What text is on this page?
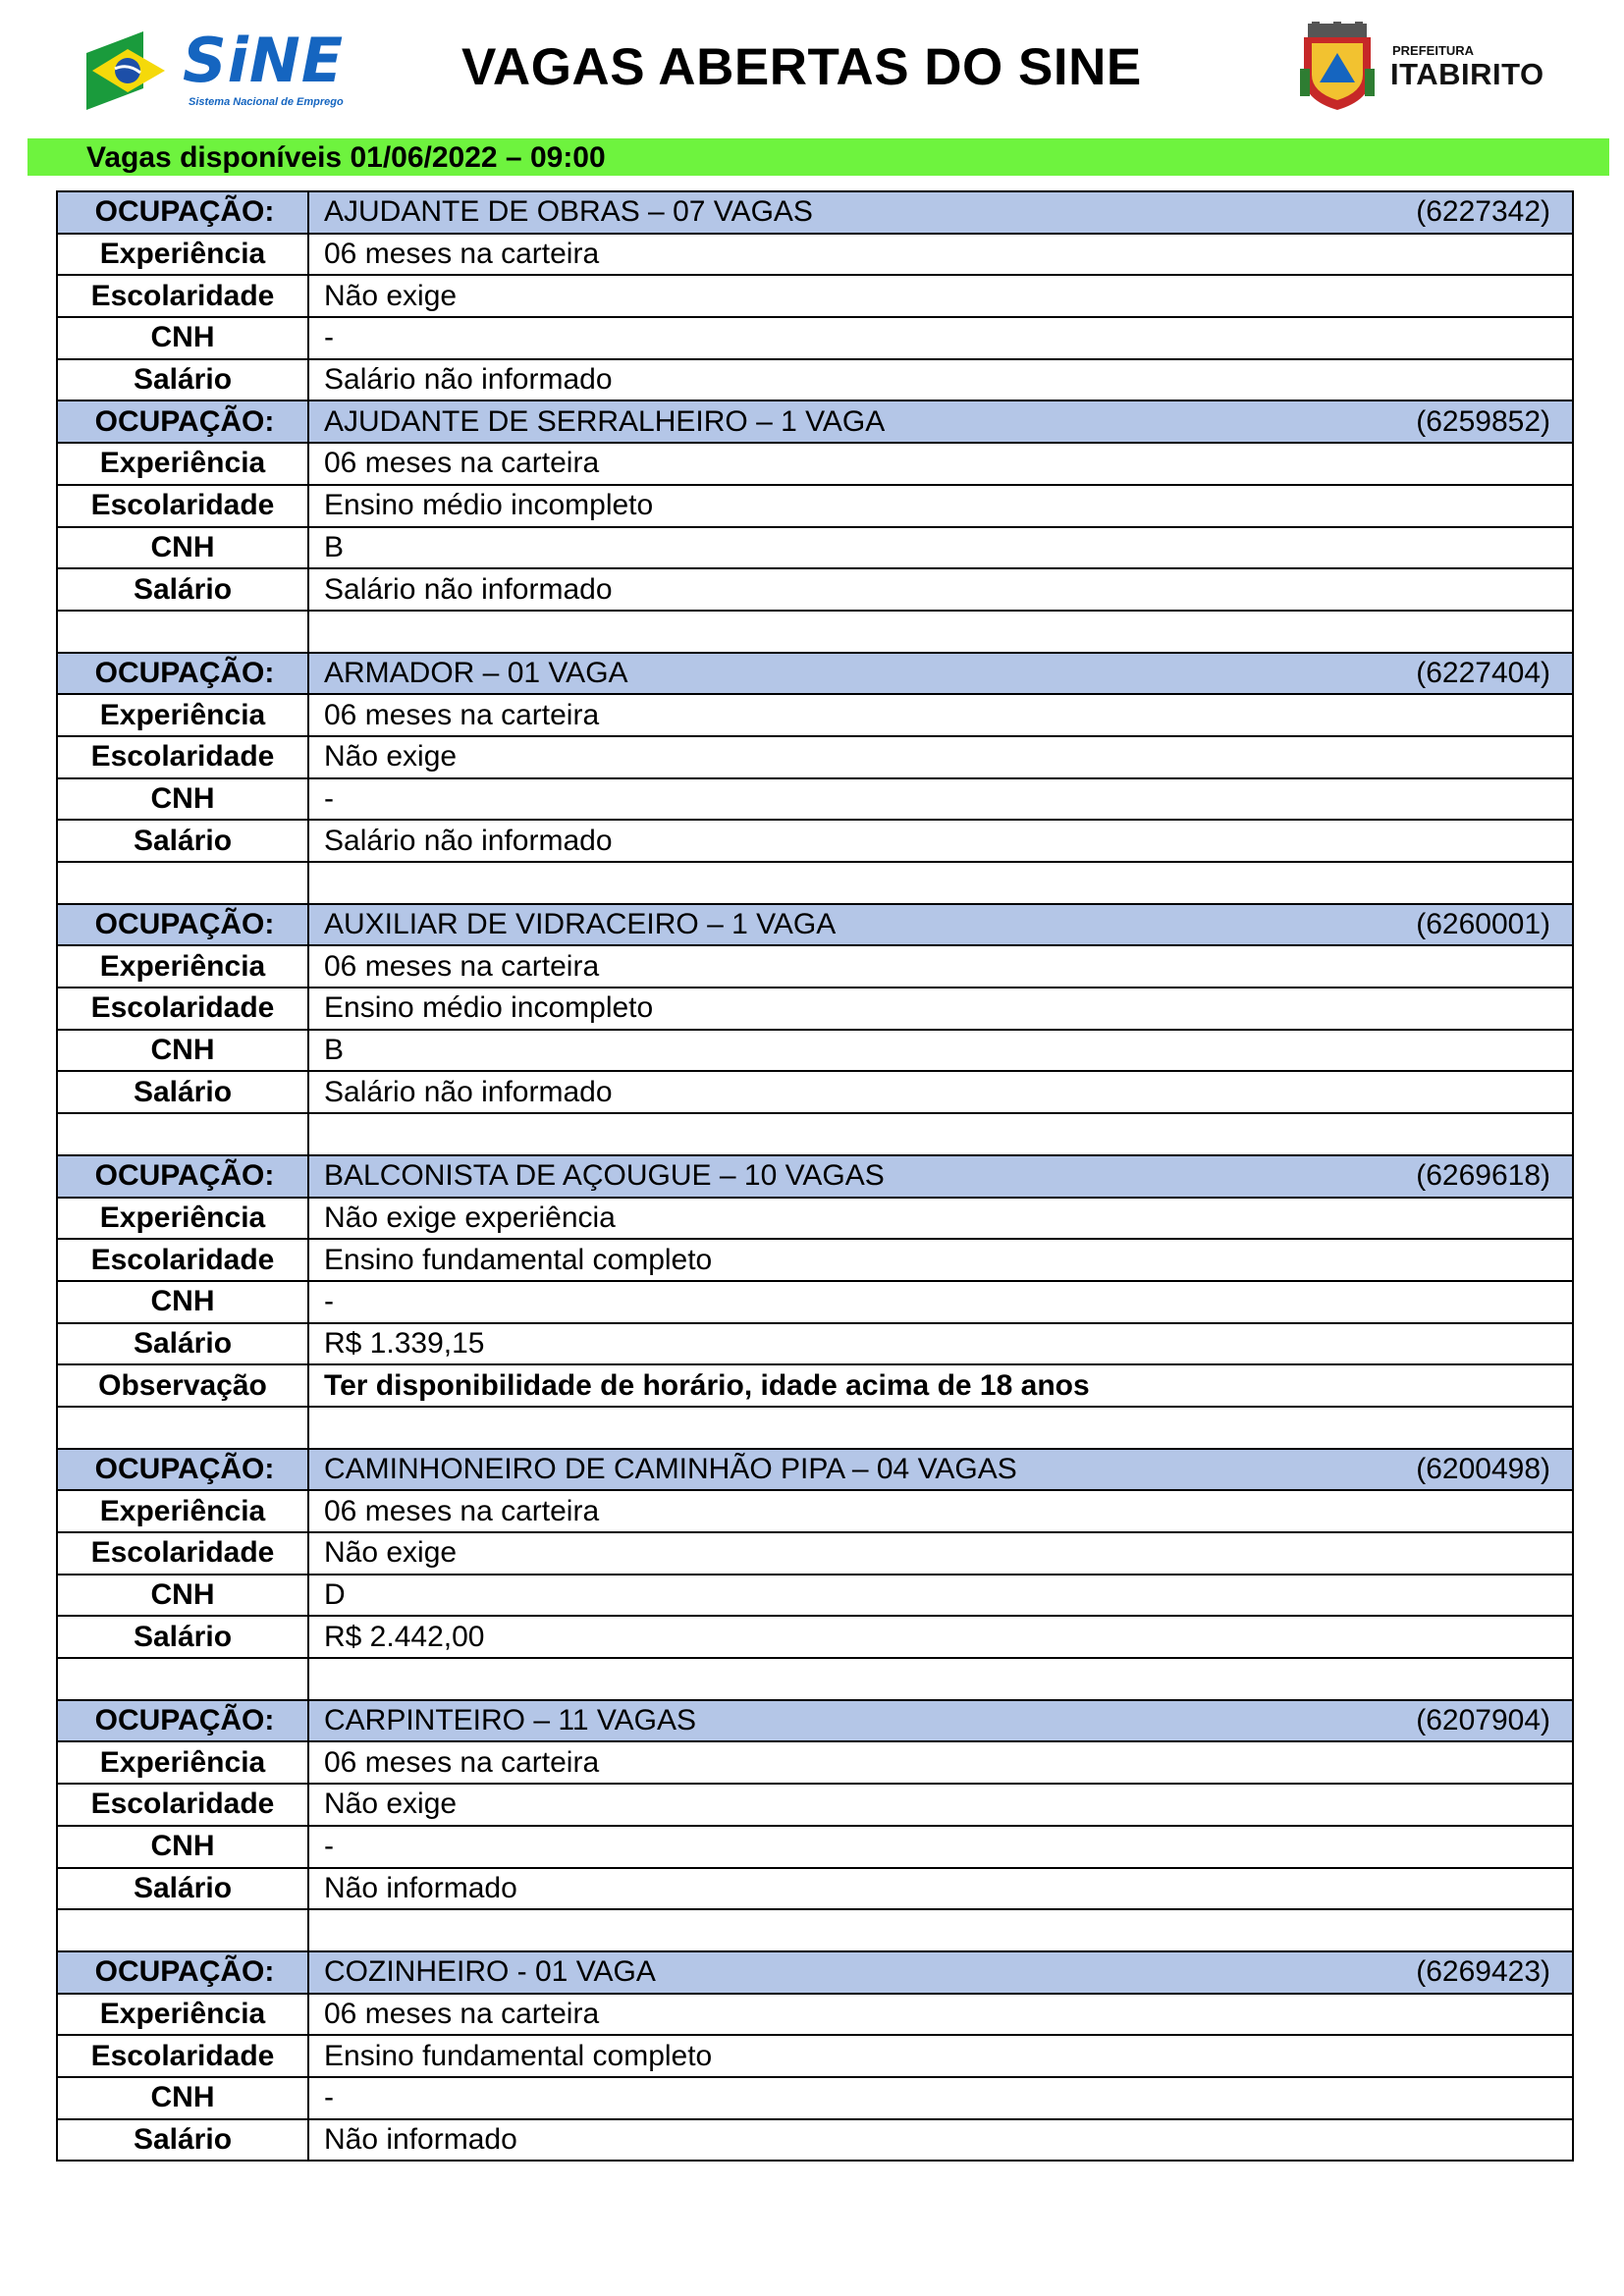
SiNE
Sistema Nacional de Emprego
VAGAS ABERTAS DO SINE	PREFEITURA
ITABIRITO
Vagas disponíveis 01/06/2022 – 09:00
OCUPAÇÃO:	AJUDANTE DE OBRAS – 07 VAGAS (6227342)

Experiência	06 meses na carteira
Escolaridade	Não exige
CNH	-
Salário	Salário não informado
OCUPAÇÃO:	AJUDANTE DE SERRALHEIRO – 1 VAGA (6259852)

Experiência	06 meses na carteira
Escolaridade	Ensino médio incompleto
CNH	B
Salário	Salário não informado

OCUPAÇÃO:	ARMADOR – 01 VAGA (6227404)

Experiência	06 meses na carteira
Escolaridade	Não exige
CNH	-
Salário	Salário não informado

OCUPAÇÃO:	AUXILIAR DE VIDRACEIRO – 1 VAGA (6260001)

Experiência	06 meses na carteira
Escolaridade	Ensino médio incompleto
CNH	B
Salário	Salário não informado

OCUPAÇÃO:	BALCONISTA DE AÇOUGUE – 10 VAGAS (6269618)

Experiência	Não exige experiência
Escolaridade	Ensino fundamental completo
CNH	-
Salário	R$ 1.339,15
Observação	Ter disponibilidade de horário, idade acima de 18 anos

OCUPAÇÃO:	CAMINHONEIRO DE CAMINHÃO PIPA – 04 VAGAS (6200498)

Experiência	06 meses na carteira
Escolaridade	Não exige
CNH	D
Salário	R$ 2.442,00

OCUPAÇÃO:	CARPINTEIRO – 11 VAGAS (6207904)

Experiência	06 meses na carteira
Escolaridade	Não exige
CNH	-
Salário	Não informado

OCUPAÇÃO:	COZINHEIRO - 01 VAGA (6269423)

Experiência	06 meses na carteira
Escolaridade	Ensino fundamental completo
CNH	-
Salário	Não informado
